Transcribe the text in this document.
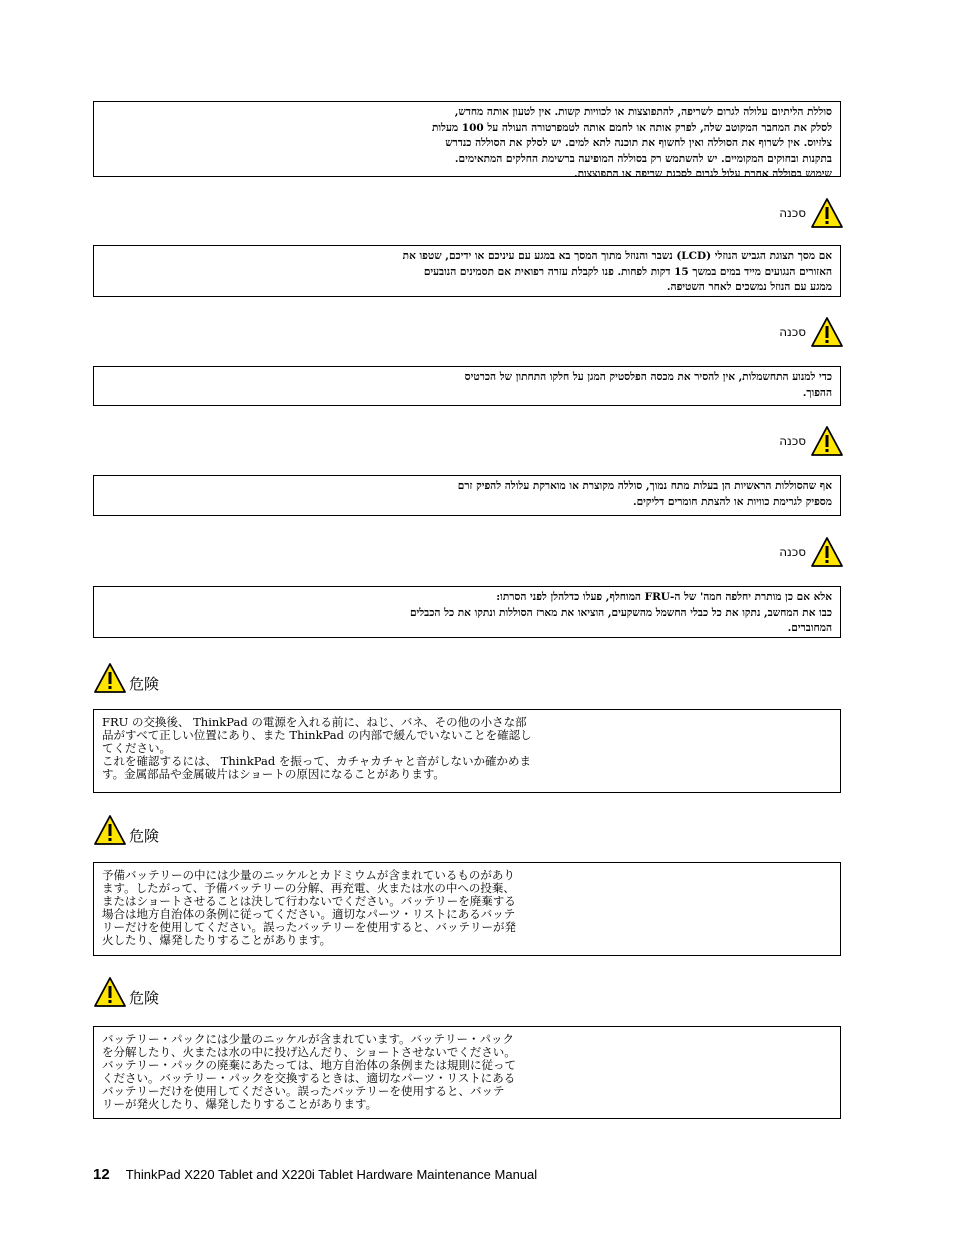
סוללת הליתיום עלולה לגרום לשריפה, להתפוצצות או לכוויות קשות. אין לטעון אותה מחדש,
לסלק את המחבר המקוטב שלה, לפרק אותה או לחמם אותה לטמפרטורה העולה על 100 מעלות
צלזיוס. אין לשרוף את הסוללה ואין לחשוף את תוכנה לתא למים. יש לסלק את הסוללה כנדרש
בתקנות ובחוקים המקומיים. יש להשתמש רק בסוללה המופיעה ברשימת החלקים המתאימים.
שימוש בסוללה אחרת עלול לגרום לסכנת שריפה או התפוצצות.
סכנה
אם מסך תצוגת הגביש הנוזלי (LCD) נשבר והנוזל מתוך המסך בא במגע עם עיניכם או ידיכם, שטפו את
האזורים הנגועים מייד במים במשך 15 דקות לפחות. פנו לקבלת עזרה רפואית אם תסמינים הנובעים
ממגע עם הנוזל נמשכים לאחר השטיפה.
סכנה
כדי למנוע התחשמלות, אין להסיר את מכסה הפלסטיק המגן על חלקו התחתון של הכרטיס
ההפוך.
סכנה
אף שהסוללות הראשיות הן בעלות מתח נמוך, סוללה מקוצרת או מוארקת עלולה להפיק זרם
מספיק לגרימת כוויות או להצתת חומרים דליקים.
סכנה
אלא אם כן מותרת יחלפה חמה' של ה-FRU המוחלף, פעלו כדלהלן לפני הסרתו:
כבו את המחשב, נתקו את כל כבלי החשמל מהשקעים, הוציאו את מארז הסוללות ונתקו את כל הכבלים
המחוברים.
危険
FRU の交換後、 ThinkPad の電源を入れる前に、ねじ、バネ、その他の小さな部
品がすべて正しい位置にあり、また ThinkPad の内部で緩んでいないことを確認し
てください。
これを確認するには、 ThinkPad を振って、カチャカチャと音がしないか確かめま
す。金属部品や金属破片はショートの原因になることがあります。
危険
予備バッテリーの中には少量のニッケルとカドミウムが含まれているものがあり
ます。したがって、予備バッテリーの分解、再充電、火または水の中への投棄、
またはショートさせることは決して行わないでください。バッテリーを廃棄する
場合は地方自治体の条例に従ってください。適切なパーツ・リストにあるバッテ
リーだけを使用してください。誤ったバッテリーを使用すると、バッテリーが発
火したり、爆発したりすることがあります。
危険
バッテリー・パックには少量のニッケルが含まれています。バッテリー・パック
を分解したり、火または水の中に投げ込んだり、ショートさせないでください。
バッテリー・パックの廃棄にあたっては、地方自治体の条例または規則に従って
ください。バッテリー・パックを交換するときは、適切なパーツ・リストにある
バッテリーだけを使用してください。誤ったバッテリーを使用すると、バッテ
リーが発火したり、爆発したりすることがあります。
12 ThinkPad X220 Tablet and X220i Tablet Hardware Maintenance Manual
